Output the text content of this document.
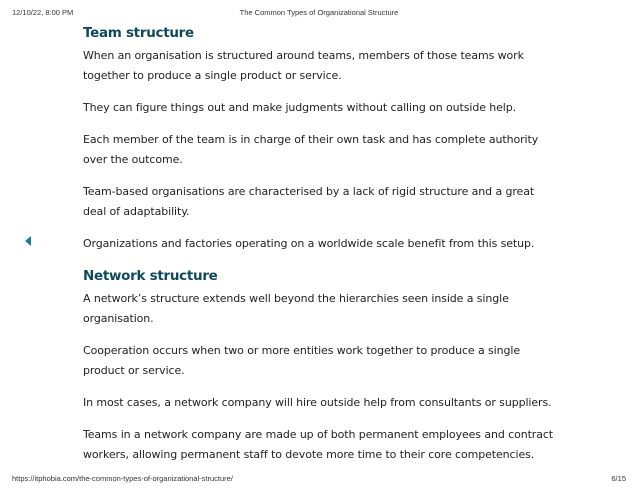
12/10/22, 8:00 PM	The Common Types of Organizational Structure
Team structure

When an organisation is structured around teams, members of those teams work together to produce a single product or service.

They can figure things out and make judgments without calling on outside help.

Each member of the team is in charge of their own task and has complete authority over the outcome.

Team-based organisations are characterised by a lack of rigid structure and a great deal of adaptability.

Organizations and factories operating on a worldwide scale benefit from this setup.

Network structure

A network’s structure extends well beyond the hierarchies seen inside a single organisation.

Cooperation occurs when two or more entities work together to produce a single product or service.

In most cases, a network company will hire outside help from consultants or suppliers.

Teams in a network company are made up of both permanent employees and contract workers, allowing permanent staff to devote more time to their core competencies.

https://itphobia.com/the-common-types-of-organizational-structure/	6/15
